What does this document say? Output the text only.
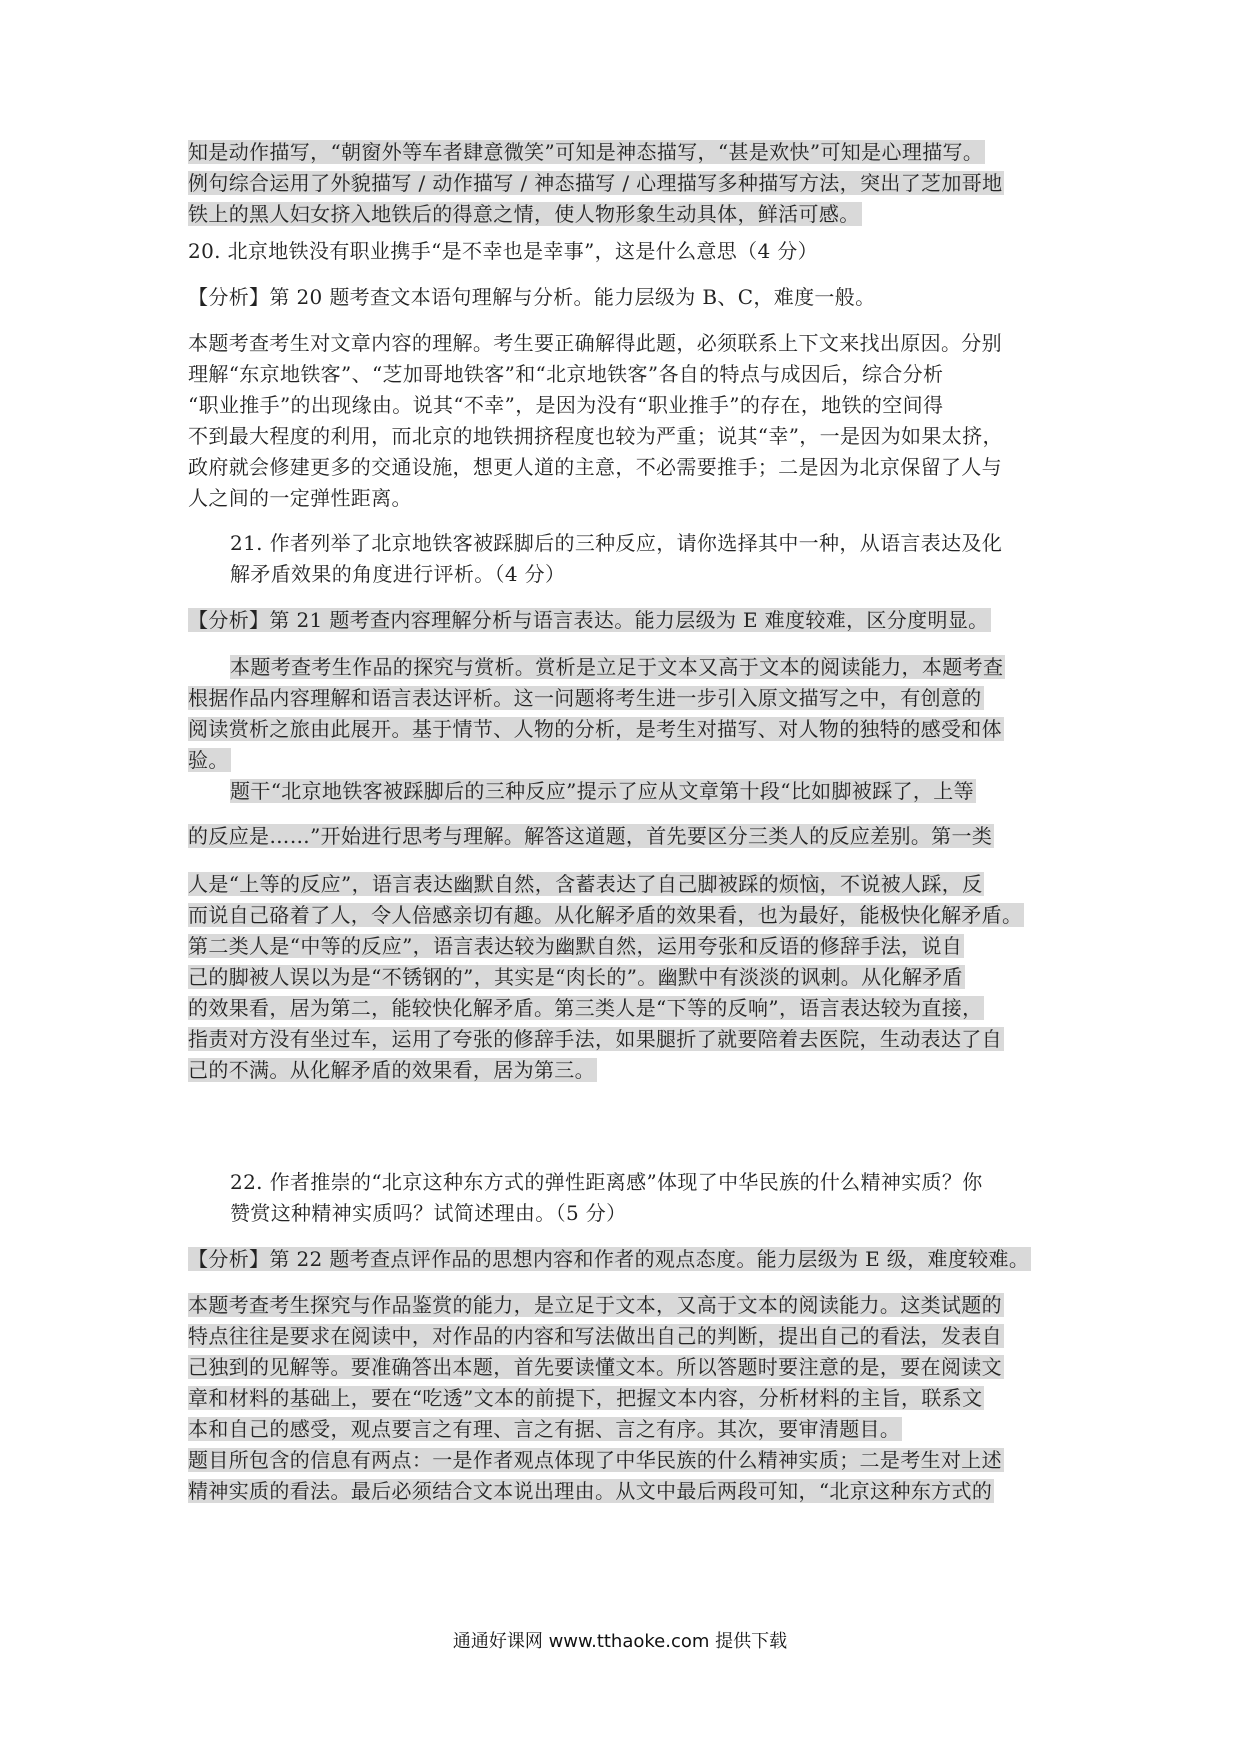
知是动作描写，“朝窗外等车者肆意微笑”可知是神态描写，“甚是欢快”可知是心理描写。
例句综合运用了外貌描写 / 动作描写 / 神态描写 / 心理描写多种描写方法，突出了芝加哥地
铁上的黑人妇女挤入地铁后的得意之情，使人物形象生动具体，鲜活可感。
20. 北京地铁没有职业携手“是不幸也是幸事”，这是什么意思（4 分）
【分析】第 20 题考查文本语句理解与分析。能力层级为 B、C，难度一般。
本题考查考生对文章内容的理解。考生要正确解得此题，必须联系上下文来找出原因。分别
理解“东京地铁客”、“芝加哥地铁客”和“北京地铁客”各自的特点与成因后，综合分析
“职业推手”的出现缘由。说其“不幸”，是因为没有“职业推手”的存在，地铁的空间得
不到最大程度的利用，而北京的地铁拥挤程度也较为严重；说其“幸”，一是因为如果太挤，
政府就会修建更多的交通设施，想更人道的主意，不必需要推手；二是因为北京保留了人与
人之间的一定弹性距离。
21. 作者列举了北京地铁客被踩脚后的三种反应，请你选择其中一种，从语言表达及化
解矛盾效果的角度进行评析。（4 分）
【分析】第 21 题考查内容理解分析与语言表达。能力层级为 E 难度较难，区分度明显。
本题考查考生作品的探究与赏析。赏析是立足于文本又高于文本的阅读能力，本题考查
根据作品内容理解和语言表达评析。这一问题将考生进一步引入原文描写之中，有创意的
阅读赏析之旅由此展开。基于情节、人物的分析，是考生对描写、对人物的独特的感受和体
验。
题干“北京地铁客被踩脚后的三种反应”提示了应从文章第十段“比如脚被踩了，上等
的反应是……”开始进行思考与理解。解答这道题，首先要区分三类人的反应差别。第一类
人是“上等的反应”，语言表达幽默自然，含蓄表达了自己脚被踩的烦恼，不说被人踩，反
而说自己硌着了人，令人倍感亲切有趣。从化解矛盾的效果看，也为最好，能极快化解矛盾。
第二类人是“中等的反应”，语言表达较为幽默自然，运用夸张和反语的修辞手法，说自
己的脚被人误以为是“不锈钢的”，其实是“肉长的”。幽默中有淡淡的讽刺。从化解矛盾
的效果看，居为第二，能较快化解矛盾。第三类人是“下等的反响”，语言表达较为直接，
指责对方没有坐过车，运用了夸张的修辞手法，如果腿折了就要陪着去医院，生动表达了自
己的不满。从化解矛盾的效果看，居为第三。
22. 作者推崇的“北京这种东方式的弹性距离感”体现了中华民族的什么精神实质？你
赞赏这种精神实质吗？试简述理由。（5 分）
【分析】第 22 题考查点评作品的思想内容和作者的观点态度。能力层级为 E 级，难度较难。
本题考查考生探究与作品鉴赏的能力，是立足于文本，又高于文本的阅读能力。这类试题的
特点往往是要求在阅读中，对作品的内容和写法做出自己的判断，提出自己的看法，发表自
己独到的见解等。要准确答出本题，首先要读懂文本。所以答题时要注意的是，要在阅读文
章和材料的基础上，要在“吃透”文本的前提下，把握文本内容，分析材料的主旨，联系文
本和自己的感受，观点要言之有理、言之有据、言之有序。其次，要审清题目。
题目所包含的信息有两点：一是作者观点体现了中华民族的什么精神实质；二是考生对上述
精神实质的看法。最后必须结合文本说出理由。从文中最后两段可知，“北京这种东方式的
通通好课网 www.tthaoke.com 提供下载
